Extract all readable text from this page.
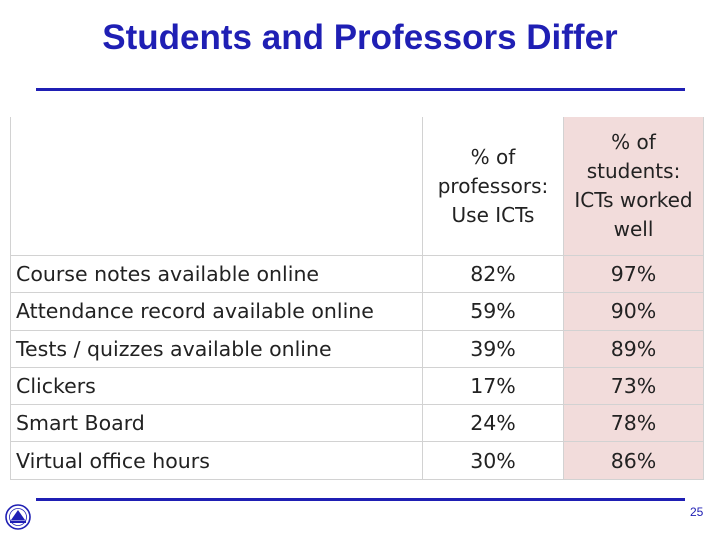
Students and Professors Differ
	% of professors: Use ICTs	% of students: ICTs worked well
Course notes available online	82%	97%
Attendance record available online	59%	90%
Tests / quizzes available online	39%	89%
Clickers	17%	73%
Smart Board	24%	78%
Virtual office hours	30%	86%
25
